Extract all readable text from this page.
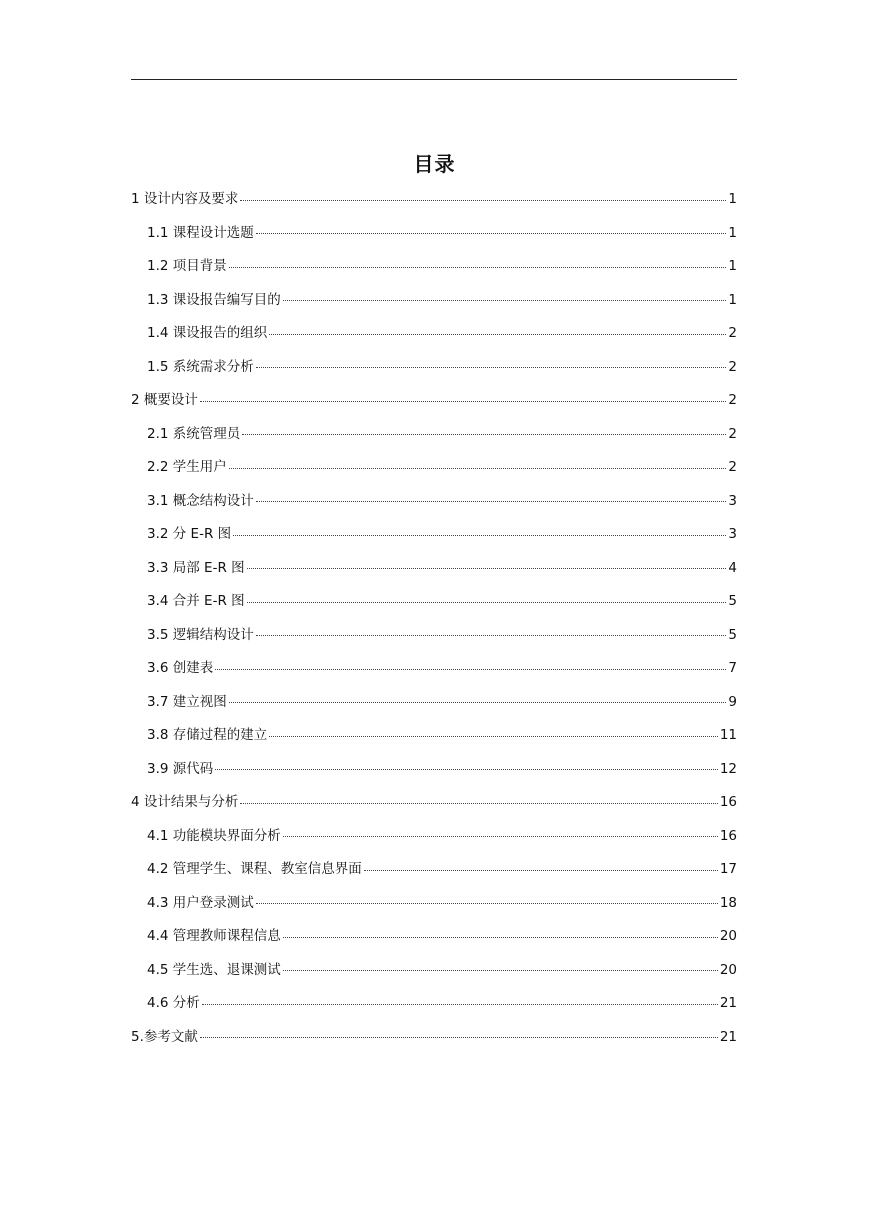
目录
1 设计内容及要求	1
1.1 课程设计选题	1
1.2 项目背景	1
1.3 课设报告编写目的	1
1.4 课设报告的组织	2
1.5 系统需求分析	2
2 概要设计	2
2.1 系统管理员	2
2.2 学生用户	2
3.1 概念结构设计	3
3.2 分 E-R 图	3
3.3 局部 E-R 图	4
3.4 合并 E-R 图	5
3.5 逻辑结构设计	5
3.6 创建表	7
3.7 建立视图	9
3.8 存储过程的建立	11
3.9 源代码	12
4 设计结果与分析	16
4.1 功能模块界面分析	16
4.2 管理学生、课程、教室信息界面	17
4.3 用户登录测试	18
4.4 管理教师课程信息	20
4.5 学生选、退课测试	20
4.6 分析	21
5.参考文献	21
